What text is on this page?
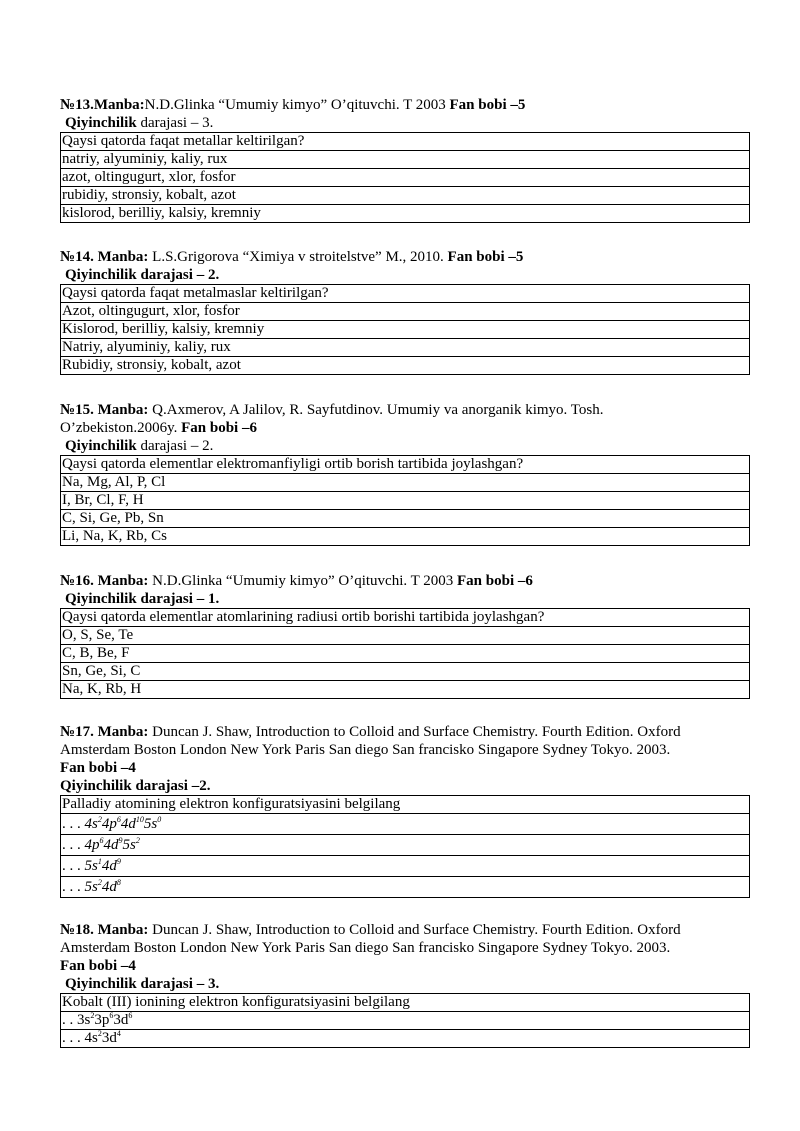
№13.Manba:N.D.Glinka “Umumiy kimyo” O’qituvchi. T 2003 Fan bobi –5
Qiyinchilik darajasi – 3.
Qaysi qatorda faqat metallar keltirilgan?
natriy, alyuminiy, kaliy, rux
azot, oltingugurt, xlor, fosfor
rubidiy, stronsiy, kobalt, azot
kislorod, berilliy, kalsiy, kremniy
№14. Manba: L.S.Grigorova “Ximiya v stroitelstve” M., 2010. Fan bobi –5
Qiyinchilik darajasi – 2.
Qaysi qatorda faqat metalmaslar keltirilgan?
Azot, oltingugurt, xlor, fosfor
Kislorod, berilliy, kalsiy, kremniy
Natriy, alyuminiy, kaliy, rux
Rubidiy, stronsiy, kobalt, azot
№15. Manba: Q.Axmerov, A Jalilov, R. Sayfutdinov. Umumiy va anorganik kimyo. Tosh.
O’zbekiston.2006y. Fan bobi –6
Qiyinchilik darajasi – 2.
Qaysi qatorda elementlar elektromanfiyligi ortib borish tartibida joylashgan?
Na, Mg, Al, P, Cl
I, Br, Cl, F, H
C, Si, Ge, Pb, Sn
Li, Na, K, Rb, Cs
№16. Manba: N.D.Glinka “Umumiy kimyo” O’qituvchi. T 2003 Fan bobi –6
Qiyinchilik darajasi – 1.
Qaysi qatorda elementlar atomlarining radiusi ortib borishi tartibida joylashgan?
O, S, Se, Te
C, B, Be, F
Sn, Ge, Si, C
Na, K, Rb, H
№17. Manba: Duncan J. Shaw, Introduction to Colloid and Surface Chemistry. Fourth Edition. Oxford
Amsterdam Boston London New York Paris San diego San francisko Singapore Sydney Tokyo. 2003.
Fan bobi –4
Qiyinchilik darajasi –2.
Palladiy atomining elektron konfiguratsiyasini belgilang
. . . $4s^24p^64d^{10}5s^0$
. . . $4p^64d^95s^2$
. . . $5s^14d^9$
. . . $5s^24d^8$
№18. Manba: Duncan J. Shaw, Introduction to Colloid and Surface Chemistry. Fourth Edition. Oxford
Amsterdam Boston London New York Paris San diego San francisko Singapore Sydney Tokyo. 2003.
Fan bobi –4
Qiyinchilik darajasi – 3.
Kobalt (III) ionining elektron konfiguratsiyasini belgilang
. . $3s^23p^63d^6$
. . . $4s^23d^4$
